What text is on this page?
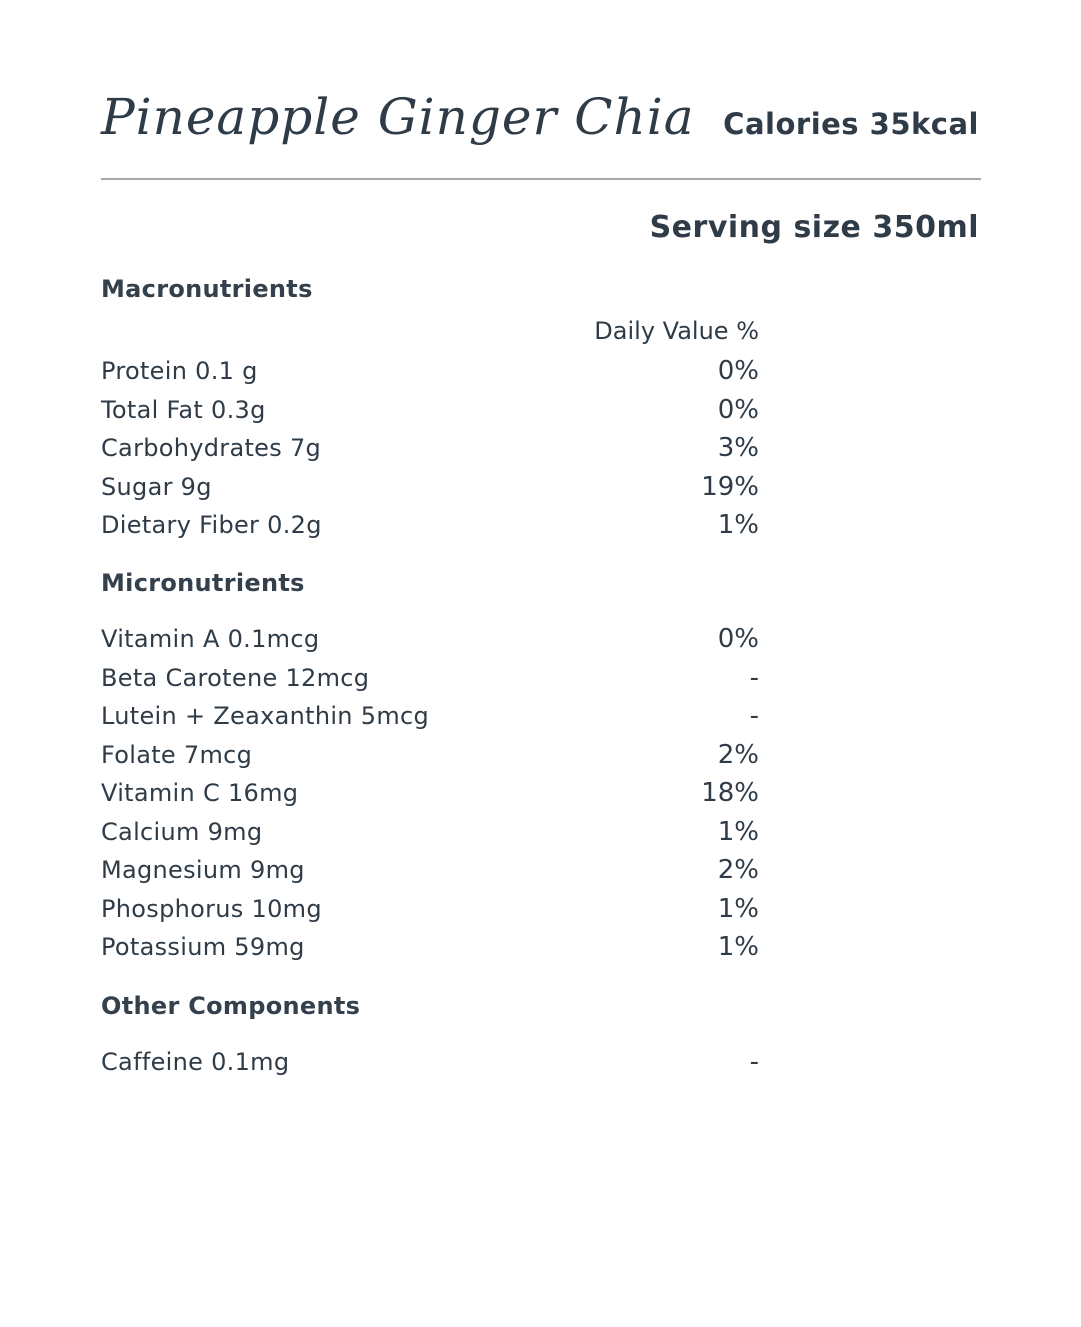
Pineapple Ginger Chia Calories 35kcal
Serving size 350ml
Macronutrients
Daily Value %
Protein 0.1 g	0%
Total Fat 0.3g	0%
Carbohydrates 7g	3%
Sugar 9g	19%
Dietary Fiber 0.2g	1%
Micronutrients
Vitamin A 0.1mcg	0%
Beta Carotene 12mcg	-
Lutein + Zeaxanthin 5mcg	-
Folate 7mcg	2%
Vitamin C 16mg	18%
Calcium 9mg	1%
Magnesium 9mg	2%
Phosphorus 10mg	1%
Potassium 59mg	1%
Other Components
Caffeine 0.1mg	-
